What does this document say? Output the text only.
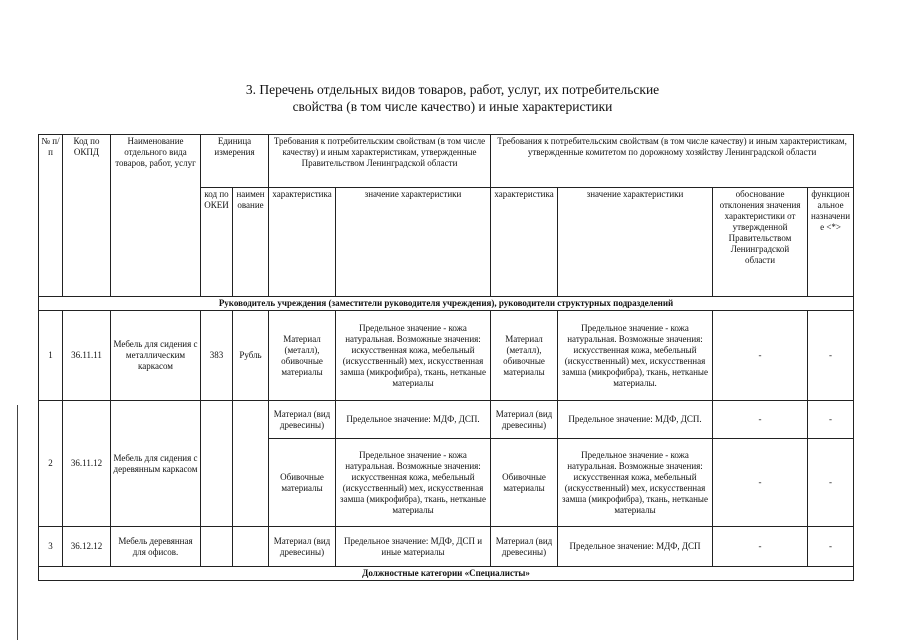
3. Перечень отдельных видов товаров, работ, услуг, их потребительские
свойства (в том числе качество) и иные характеристики
№ п/п	Код по ОКПД	Наименование отдельного вида товаров, работ, услуг	Единица измерения		Требования к потребительским свойствам (в том числе качеству) и иным характеристикам, утвержденные Правительством Ленинградской области		Требования к потребительским свойствам (в том числе качеству) и иным характеристикам, утвержденные комитетом по дорожному хозяйству Ленинградской области			
			код по ОКЕИ	наименование	характеристика	значение характеристики	характеристика	значение характеристики	обоснование отклонения значения характеристики от утвержденной Правительством Ленинградской области	функциональное назначение <*>
Руководитель учреждения (заместители руководителя учреждения), руководители структурных подразделений										
1	36.11.11	Мебель для сидения с металлическим каркасом	383	Рубль	Материал (металл), обивочные материалы	Предельное значение - кожа натуральная. Возможные значения: искусственная кожа, мебельный (искусственный) мех, искусственная замша (микрофибра), ткань, нетканые материалы	Материал (металл), обивочные материалы	Предельное значение - кожа натуральная. Возможные значения: искусственная кожа, мебельный (искусственный) мех, искусственная замша (микрофибра), ткань, нетканые материалы.	-	-
2	36.11.12	Мебель для сидения с деревянным каркасом			Материал (вид древесины)	Предельное значение: МДФ, ДСП.	Материал (вид древесины)	Предельное значение: МДФ, ДСП.	-	-
					Обивочные материалы	Предельное значение - кожа натуральная. Возможные значения: искусственная кожа, мебельный (искусственный) мех, искусственная замша (микрофибра), ткань, нетканые материалы	Обивочные материалы	Предельное значение - кожа натуральная. Возможные значения: искусственная кожа, мебельный (искусственный) мех, искусственная замша (микрофибра), ткань, нетканые материалы	-	-
3	36.12.12	Мебель деревянная для офисов.			Материал (вид древесины)	Предельное значение: МДФ, ДСП и иные материалы	Материал (вид древесины)	Предельное значение: МДФ, ДСП	-	-
Должностные категории «Специалисты»										
